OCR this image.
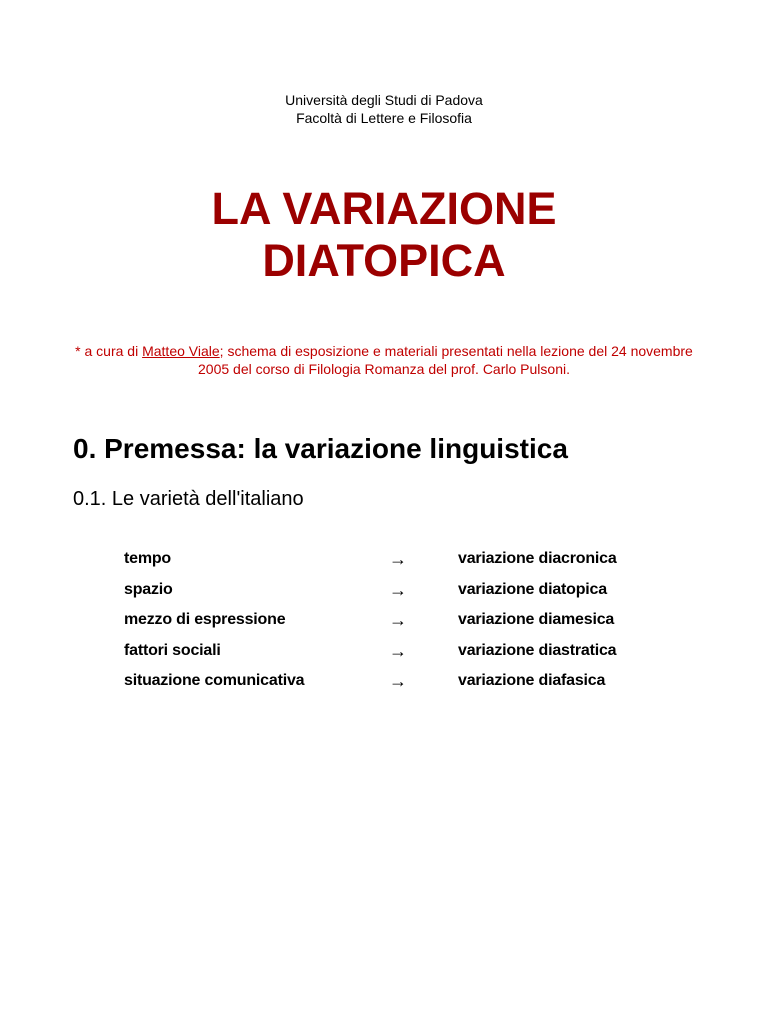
Università degli Studi di Padova
Facoltà di Lettere e Filosofia
LA VARIAZIONE
DIATOPICA
* a cura di Matteo Viale; schema di esposizione e materiali presentati nella lezione del 24 novembre 2005 del corso di Filologia Romanza del prof. Carlo Pulsoni.
0. Premessa: la variazione linguistica
0.1. Le varietà dell'italiano
tempo	→	variazione diacronica
spazio	→	variazione diatopica
mezzo di espressione	→	variazione diamesica
fattori sociali	→	variazione diastratica
situazione comunicativa	→	variazione diafasica
